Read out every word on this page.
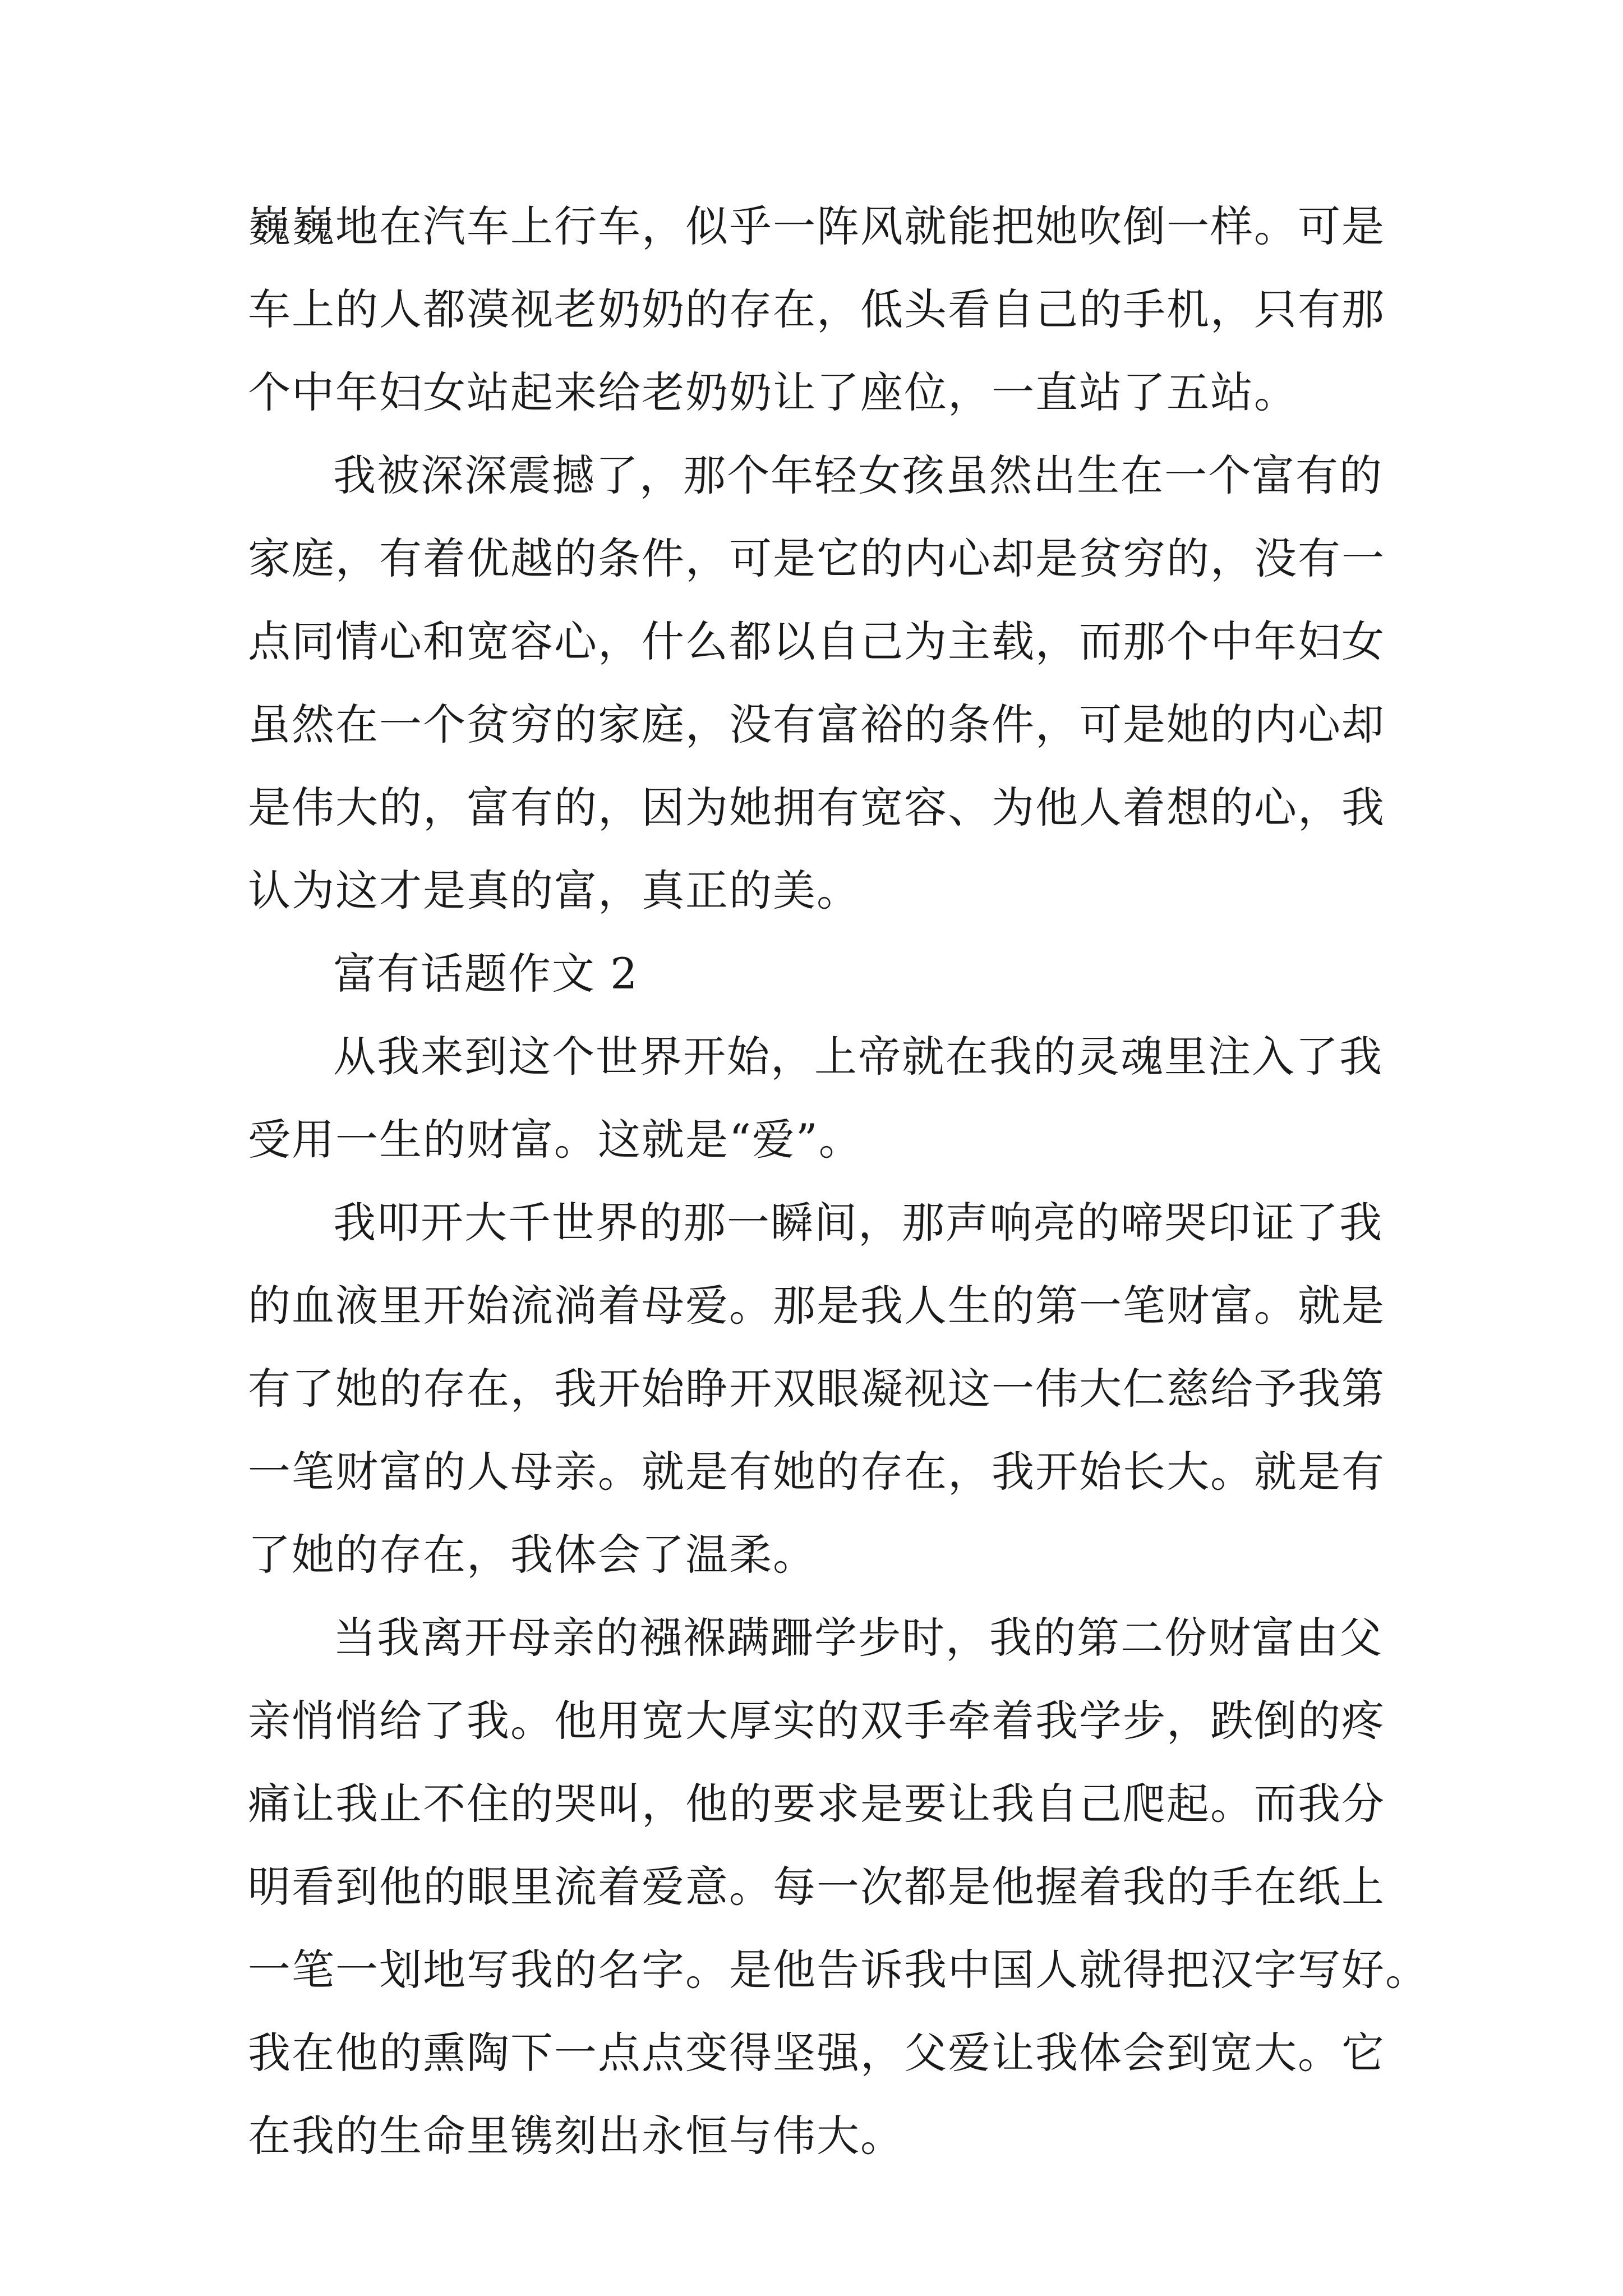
巍巍地在汽车上行车，似乎一阵风就能把她吹倒一样。可是
车上的人都漠视老奶奶的存在，低头看自己的手机，只有那
个中年妇女站起来给老奶奶让了座位，一直站了五站。
我被深深震撼了，那个年轻女孩虽然出生在一个富有的
家庭，有着优越的条件，可是它的内心却是贫穷的，没有一
点同情心和宽容心，什么都以自己为主载，而那个中年妇女
虽然在一个贫穷的家庭，没有富裕的条件，可是她的内心却
是伟大的，富有的，因为她拥有宽容、为他人着想的心，我
认为这才是真的富，真正的美。
富有话题作文 2
从我来到这个世界开始，上帝就在我的灵魂里注入了我
受用一生的财富。这就是“爱”。
我叩开大千世界的那一瞬间，那声响亮的啼哭印证了我
的血液里开始流淌着母爱。那是我人生的第一笔财富。就是
有了她的存在，我开始睁开双眼凝视这一伟大仁慈给予我第
一笔财富的人母亲。就是有她的存在，我开始长大。就是有
了她的存在，我体会了温柔。
当我离开母亲的襁褓蹒跚学步时，我的第二份财富由父
亲悄悄给了我。他用宽大厚实的双手牵着我学步，跌倒的疼
痛让我止不住的哭叫，他的要求是要让我自己爬起。而我分
明看到他的眼里流着爱意。每一次都是他握着我的手在纸上
一笔一划地写我的名字。是他告诉我中国人就得把汉字写好。
我在他的熏陶下一点点变得坚强，父爱让我体会到宽大。它
在我的生命里镌刻出永恒与伟大。
